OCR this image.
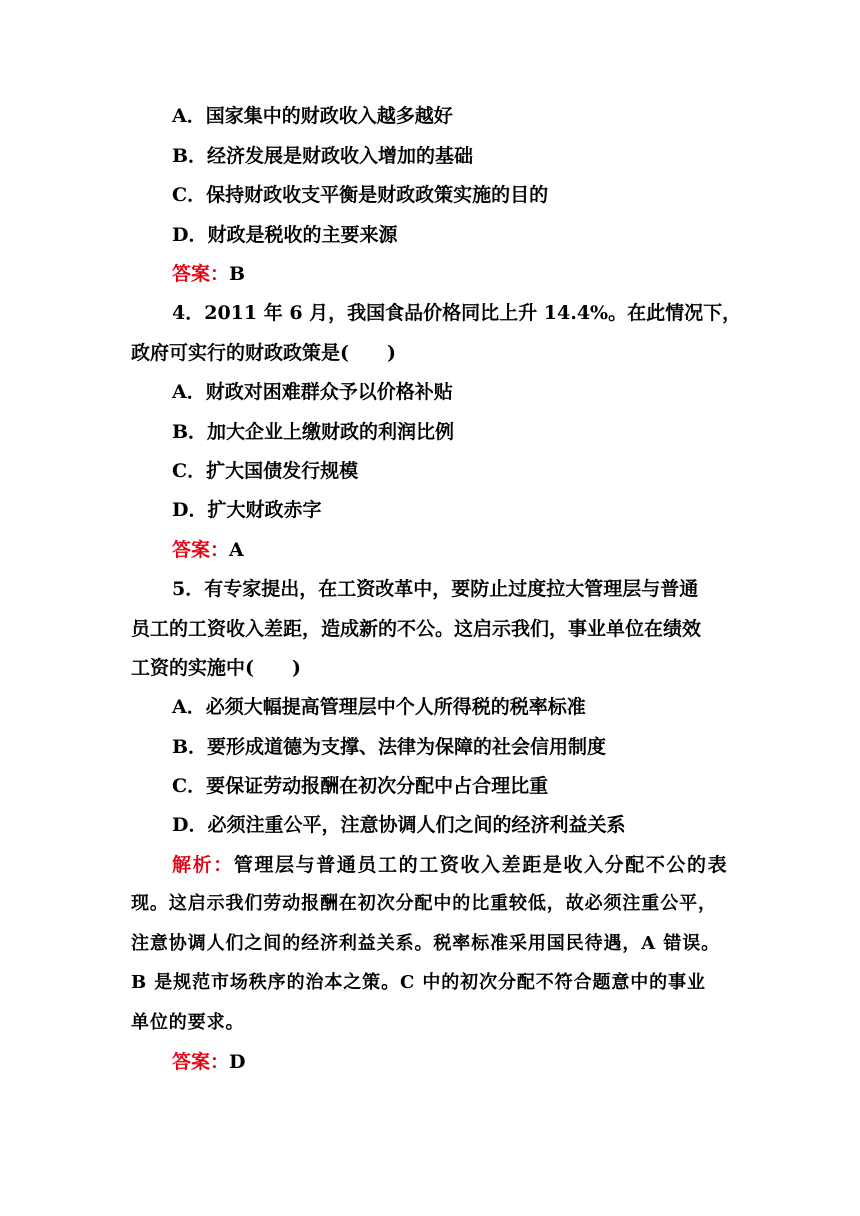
A．国家集中的财政收入越多越好
B．经济发展是财政收入增加的基础
C．保持财政收支平衡是财政政策实施的目的
D．财政是税收的主要来源
答案：B
4．2011 年 6 月，我国食品价格同比上升 14.4%。在此情况下，
政府可实行的财政政策是(　　)
A．财政对困难群众予以价格补贴
B．加大企业上缴财政的利润比例
C．扩大国债发行规模
D．扩大财政赤字
答案：A
5．有专家提出，在工资改革中，要防止过度拉大管理层与普通
员工的工资收入差距，造成新的不公。这启示我们，事业单位在绩效
工资的实施中(　　)
A．必须大幅提高管理层中个人所得税的税率标准
B．要形成道德为支撑、法律为保障的社会信用制度
C．要保证劳动报酬在初次分配中占合理比重
D．必须注重公平，注意协调人们之间的经济利益关系
解析：管理层与普通员工的工资收入差距是收入分配不公的表
现。这启示我们劳动报酬在初次分配中的比重较低，故必须注重公平，
注意协调人们之间的经济利益关系。税率标准采用国民待遇，A 错误。
B 是规范市场秩序的治本之策。C 中的初次分配不符合题意中的事业
单位的要求。
答案：D
